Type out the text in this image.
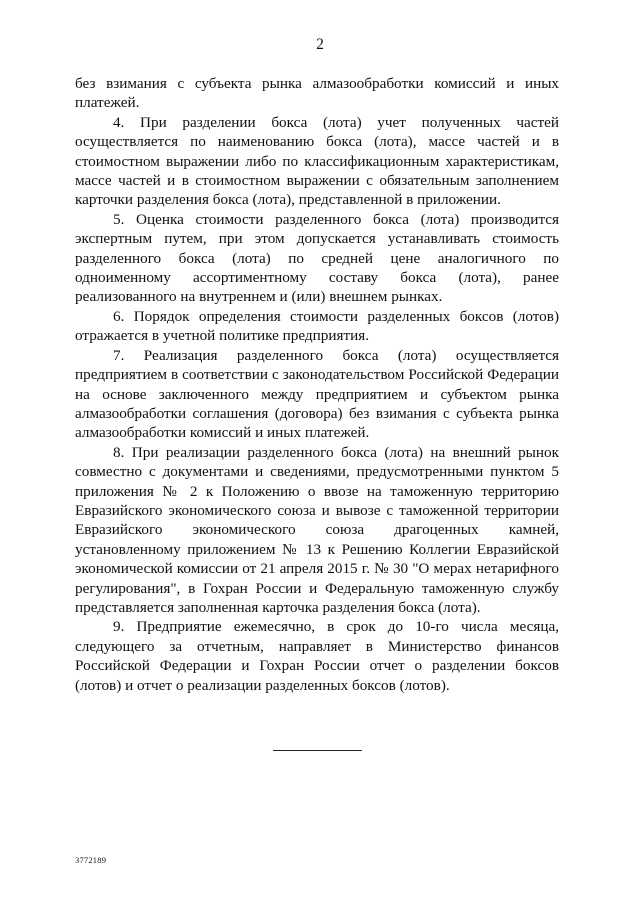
2

без взимания с субъекта рынка алмазообработки комиссий и иных платежей.

4. При разделении бокса (лота) учет полученных частей осуществляется по наименованию бокса (лота), массе частей и в стоимостном выражении либо по классификационным характеристикам, массе частей и в стоимостном выражении с обязательным заполнением карточки разделения бокса (лота), представленной в приложении.

5. Оценка стоимости разделенного бокса (лота) производится экспертным путем, при этом допускается устанавливать стоимость разделенного бокса (лота) по средней цене аналогичного по одноименному ассортиментному составу бокса (лота), ранее реализованного на внутреннем и (или) внешнем рынках.

6. Порядок определения стоимости разделенных боксов (лотов) отражается в учетной политике предприятия.

7. Реализация разделенного бокса (лота) осуществляется предприятием в соответствии с законодательством Российской Федерации на основе заключенного между предприятием и субъектом рынка алмазообработки соглашения (договора) без взимания с субъекта рынка алмазообработки комиссий и иных платежей.

8. При реализации разделенного бокса (лота) на внешний рынок совместно с документами и сведениями, предусмотренными пунктом 5 приложения № 2 к Положению о ввозе на таможенную территорию Евразийского экономического союза и вывозе с таможенной территории Евразийского экономического союза драгоценных камней, установленному приложением № 13 к Решению Коллегии Евразийской экономической комиссии от 21 апреля 2015 г. № 30 "О мерах нетарифного регулирования", в Гохран России и Федеральную таможенную службу представляется заполненная карточка разделения бокса (лота).

9. Предприятие ежемесячно, в срок до 10-го числа месяца, следующего за отчетным, направляет в Министерство финансов Российской Федерации и Гохран России отчет о разделении боксов (лотов) и отчет о реализации разделенных боксов (лотов).

3772189
